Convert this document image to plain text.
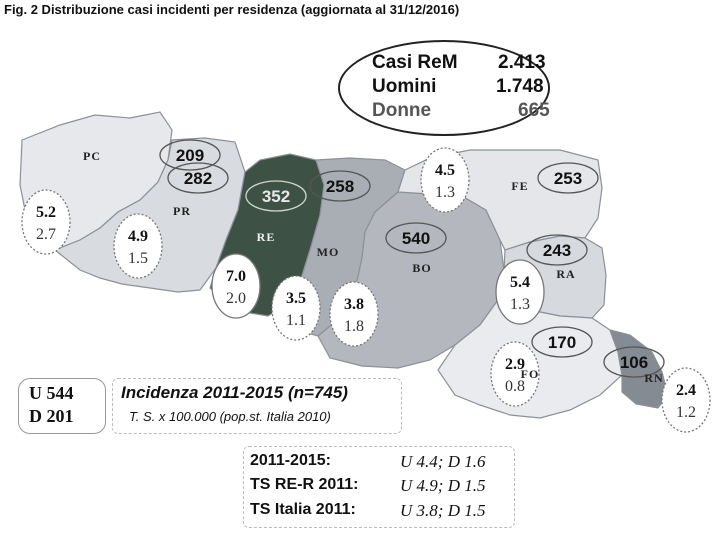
Fig. 2 Distribuzione casi incidenti per residenza (aggiornata al 31/12/2016)
209
282
352
258
540
253
243
170
106
5.2
2.7	4.9
1.5
7.0
2.0	3.5
1.1
3.8
1.8
4.5
1.3
5.4
1.3
2.9
0.8	2.4
1.2
PC
PR
RE
MO
BO
FE
RA
FO	RN
Casi ReM 2.413
Uomini	1.748
Donne	665
U 544
D 201
Incidenza 2011-2015 (n=745)
T. S. x 100.000 (pop.st. Italia 2010)
2011-2015:	U 4.4; D 1.6
TS RE-R 2011: U 4.9; D 1.5
TS Italia 2011:	U 3.8; D 1.5
